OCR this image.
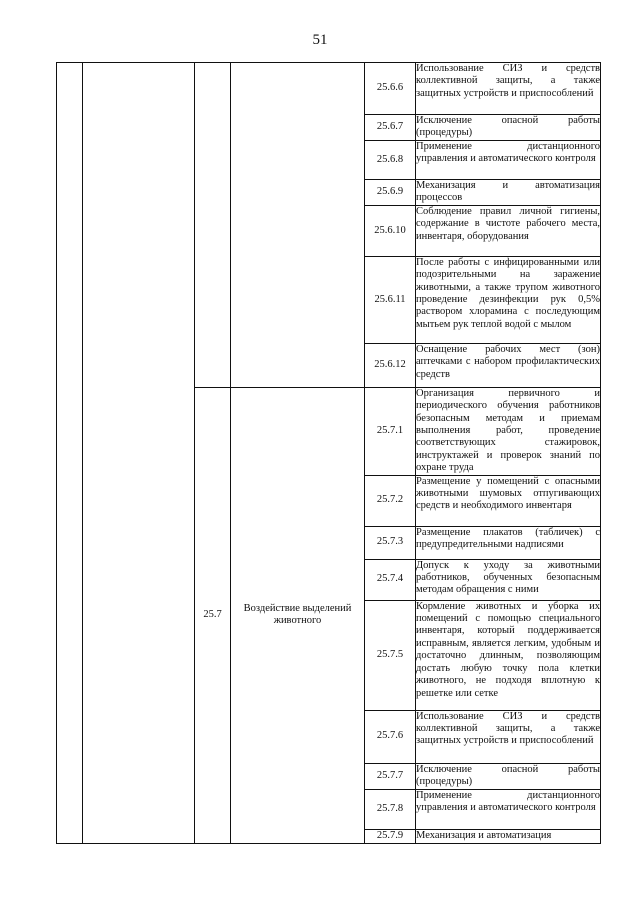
51
				25.6.6	Использование СИЗ и средств коллективной защиты, а также защитных устройств и приспособлений

				25.6.7	Исключение опасной работы (процедуры)

				25.6.8	Применение дистанционного управления и автоматического контроля

				25.6.9	Механизация и автоматизация процессов

				25.6.10	Соблюдение правил личной гигиены, содержание в чистоте рабочего места, инвентаря, оборудования

				25.6.11	После работы с инфицированными или подозрительными на заражение животными, а также трупом животного проведение дезинфекции рук 0,5% раствором хлорамина с последующим мытьем рук теплой водой с мылом

				25.6.12	Оснащение рабочих мест (зон) аптечками с набором профилактических средств

		25.7	Воздействие выделений животного	25.7.1	Организация первичного и периодического обучения работников безопасным методам и приемам выполнения работ, проведение соответствующих стажировок, инструктажей и проверок знаний по охране труда

				25.7.2	Размещение у помещений с опасными животными шумовых отпугивающих средств и необходимого инвентаря

				25.7.3	Размещение плакатов (табличек) с предупредительными надписями

				25.7.4	Допуск к уходу за животными работников, обученных безопасным методам обращения с ними

				25.7.5	Кормление животных и уборка их помещений с помощью специального инвентаря, который поддерживается исправным, является легким, удобным и достаточно длинным, позволяющим достать любую точку пола клетки животного, не подходя вплотную к решетке или сетке

				25.7.6	Использование СИЗ и средств коллективной защиты, а также защитных устройств и приспособлений

				25.7.7	Исключение опасной работы (процедуры)

				25.7.8	Применение дистанционного управления и автоматического контроля

				25.7.9	Механизация и автоматизация
